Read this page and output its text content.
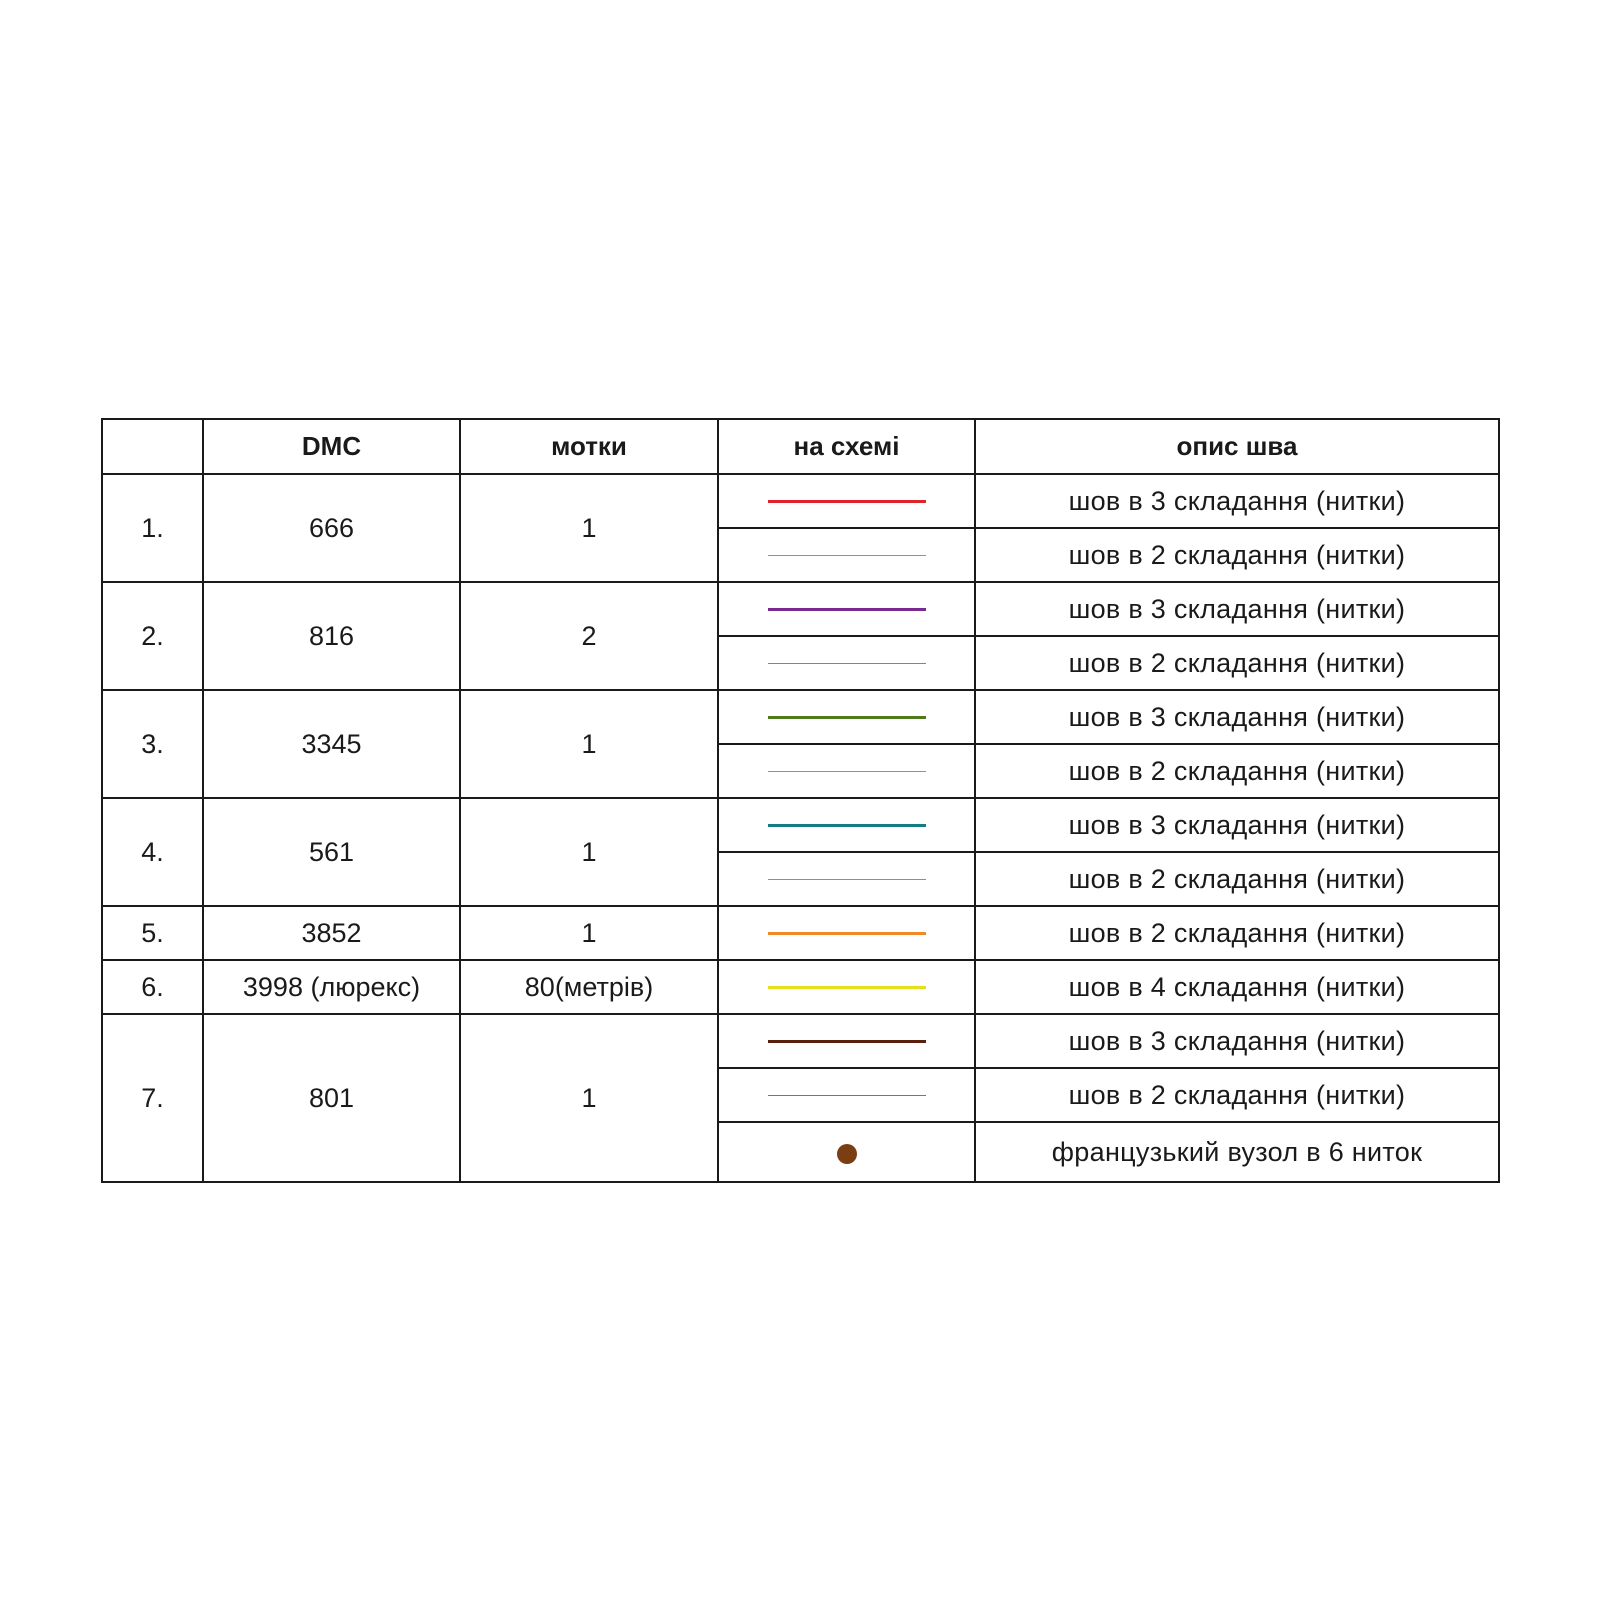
	DMC	мотки	на схемі	опис шва
1.	666	1		шов в 3 складання (нитки)

				шов в 2 складання (нитки)
2.	816	2		шов в 3 складання (нитки)

				шов в 2 складання (нитки)
3.	3345	1		шов в 3 складання (нитки)

				шов в 2 складання (нитки)
4.	561	1		шов в 3 складання (нитки)

				шов в 2 складання (нитки)
5.	3852	1		шов в 2 складання (нитки)
6.	3998 (люрекс)	80(метрів)		шов в 4 складання (нитки)
7.	801	1		шов в 3 складання (нитки)

				шов в 2 складання (нитки)
				французький вузол в 6 ниток
